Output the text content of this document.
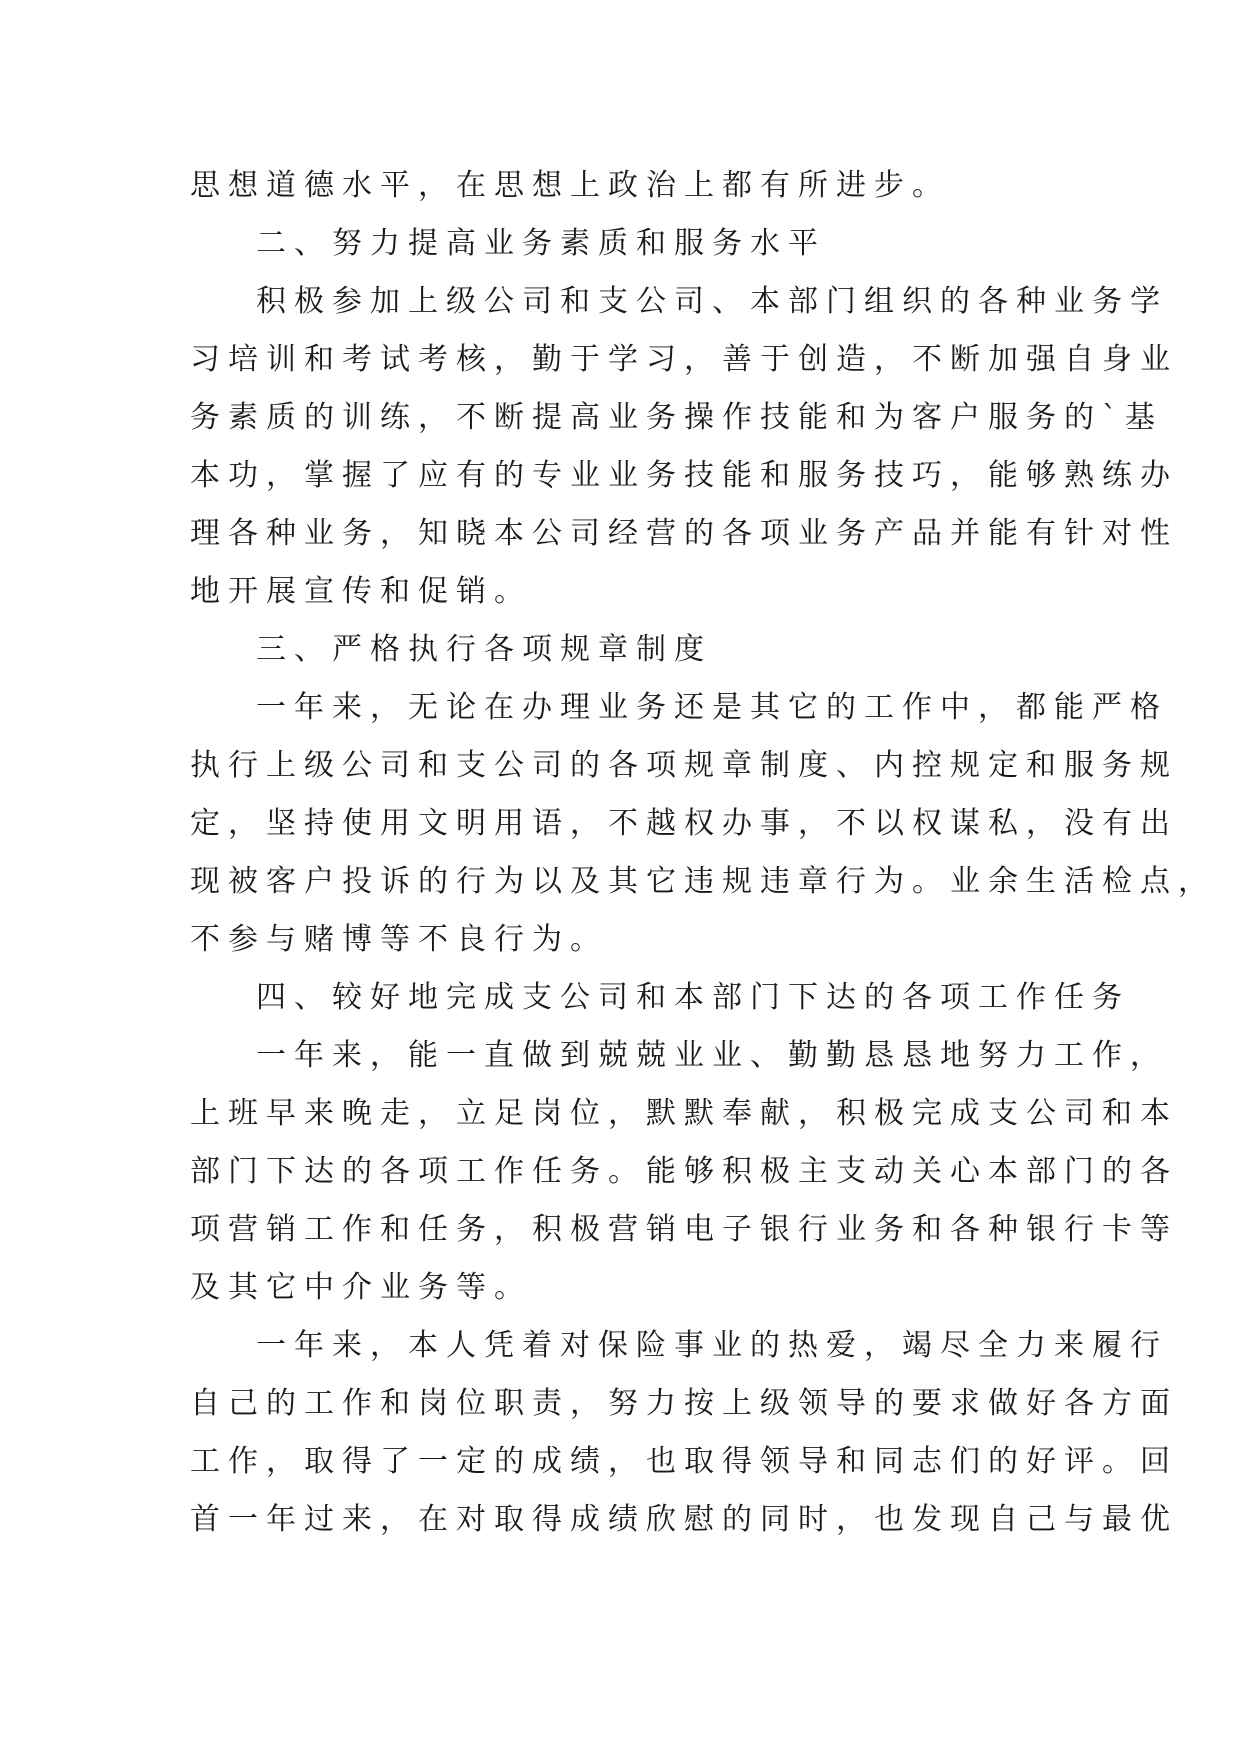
思想道德水平，在思想上政治上都有所进步。
二、努力提高业务素质和服务水平
积极参加上级公司和支公司、本部门组织的各种业务学
习培训和考试考核，勤于学习，善于创造，不断加强自身业
务素质的训练，不断提高业务操作技能和为客户服务的`基
本功，掌握了应有的专业业务技能和服务技巧，能够熟练办
理各种业务，知晓本公司经营的各项业务产品并能有针对性
地开展宣传和促销。
三、严格执行各项规章制度
一年来，无论在办理业务还是其它的工作中，都能严格
执行上级公司和支公司的各项规章制度、内控规定和服务规
定，坚持使用文明用语，不越权办事，不以权谋私，没有出
现被客户投诉的行为以及其它违规违章行为。业余生活检点，
不参与赌博等不良行为。
四、较好地完成支公司和本部门下达的各项工作任务
一年来，能一直做到兢兢业业、勤勤恳恳地努力工作，
上班早来晚走，立足岗位，默默奉献，积极完成支公司和本
部门下达的各项工作任务。能够积极主支动关心本部门的各
项营销工作和任务，积极营销电子银行业务和各种银行卡等
及其它中介业务等。
一年来，本人凭着对保险事业的热爱，竭尽全力来履行
自己的工作和岗位职责，努力按上级领导的要求做好各方面
工作，取得了一定的成绩，也取得领导和同志们的好评。回
首一年过来，在对取得成绩欣慰的同时，也发现自己与最优
